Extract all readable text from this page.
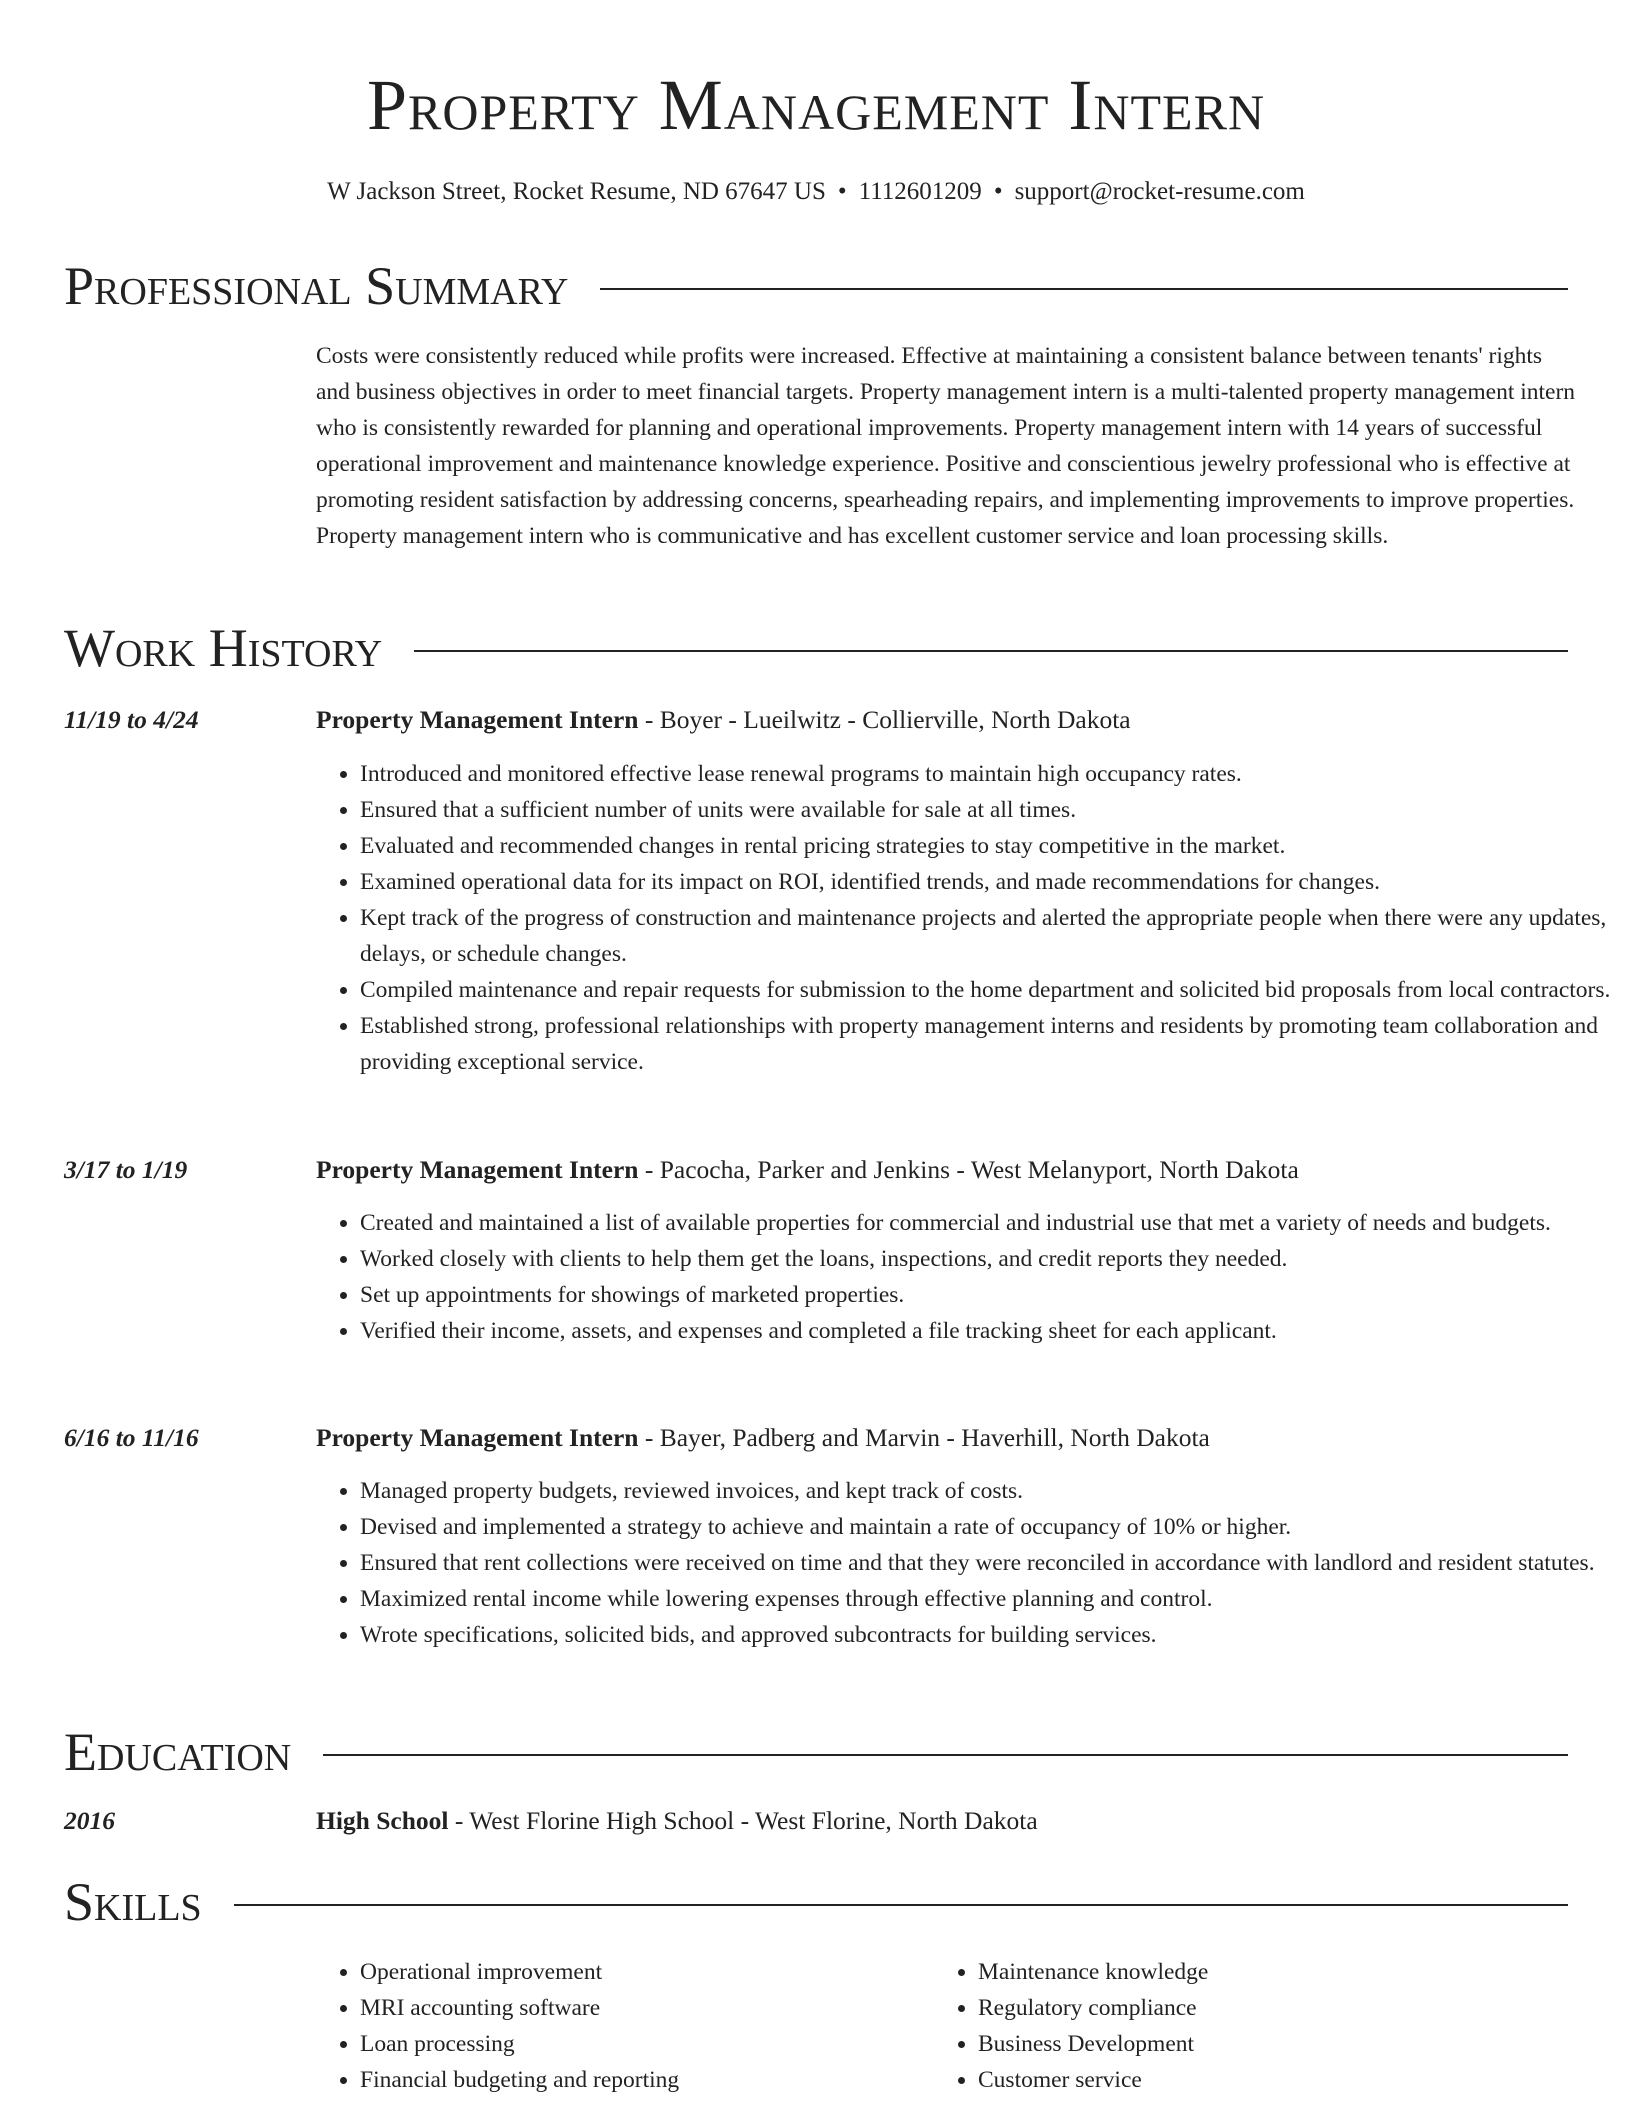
Property Management Intern
W Jackson Street, Rocket Resume, ND 67647 US • 1112601209 • support@rocket-resume.com
Professional Summary

Costs were consistently reduced while profits were increased. Effective at maintaining a consistent balance between tenants' rights and business objectives in order to meet financial targets. Property management intern is a multi-talented property management intern who is consistently rewarded for planning and operational improvements. Property management intern with 14 years of successful operational improvement and maintenance knowledge experience. Positive and conscientious jewelry professional who is effective at promoting resident satisfaction by addressing concerns, spearheading repairs, and implementing improvements to improve properties. Property management intern who is communicative and has excellent customer service and loan processing skills.

Work History
11/19 to 4/24	Property Management Intern - Boyer - Lueilwitz - Collierville, North Dakota
• Introduced and monitored effective lease renewal programs to maintain high occupancy rates.
• Ensured that a sufficient number of units were available for sale at all times.
• Evaluated and recommended changes in rental pricing strategies to stay competitive in the market.
• Examined operational data for its impact on ROI, identified trends, and made recommendations for changes.
• Kept track of the progress of construction and maintenance projects and alerted the appropriate people when there were any updates, delays, or schedule changes.
• Compiled maintenance and repair requests for submission to the home department and solicited bid proposals from local contractors.
• Established strong, professional relationships with property management interns and residents by promoting team collaboration and providing exceptional service.
3/17 to 1/19	Property Management Intern - Pacocha, Parker and Jenkins - West Melanyport, North Dakota
• Created and maintained a list of available properties for commercial and industrial use that met a variety of needs and budgets.
• Worked closely with clients to help them get the loans, inspections, and credit reports they needed.
• Set up appointments for showings of marketed properties.
• Verified their income, assets, and expenses and completed a file tracking sheet for each applicant.
6/16 to 11/16	Property Management Intern - Bayer, Padberg and Marvin - Haverhill, North Dakota
• Managed property budgets, reviewed invoices, and kept track of costs.
• Devised and implemented a strategy to achieve and maintain a rate of occupancy of 10% or higher.
• Ensured that rent collections were received on time and that they were reconciled in accordance with landlord and resident statutes.
• Maximized rental income while lowering expenses through effective planning and control.
• Wrote specifications, solicited bids, and approved subcontracts for building services.
Education
2016	High School - West Florine High School - West Florine, North Dakota
Skills
• Operational improvement
• MRI accounting software
• Loan processing
• Financial budgeting and reporting
• Maintenance knowledge
• Regulatory compliance
• Business Development
• Customer service
